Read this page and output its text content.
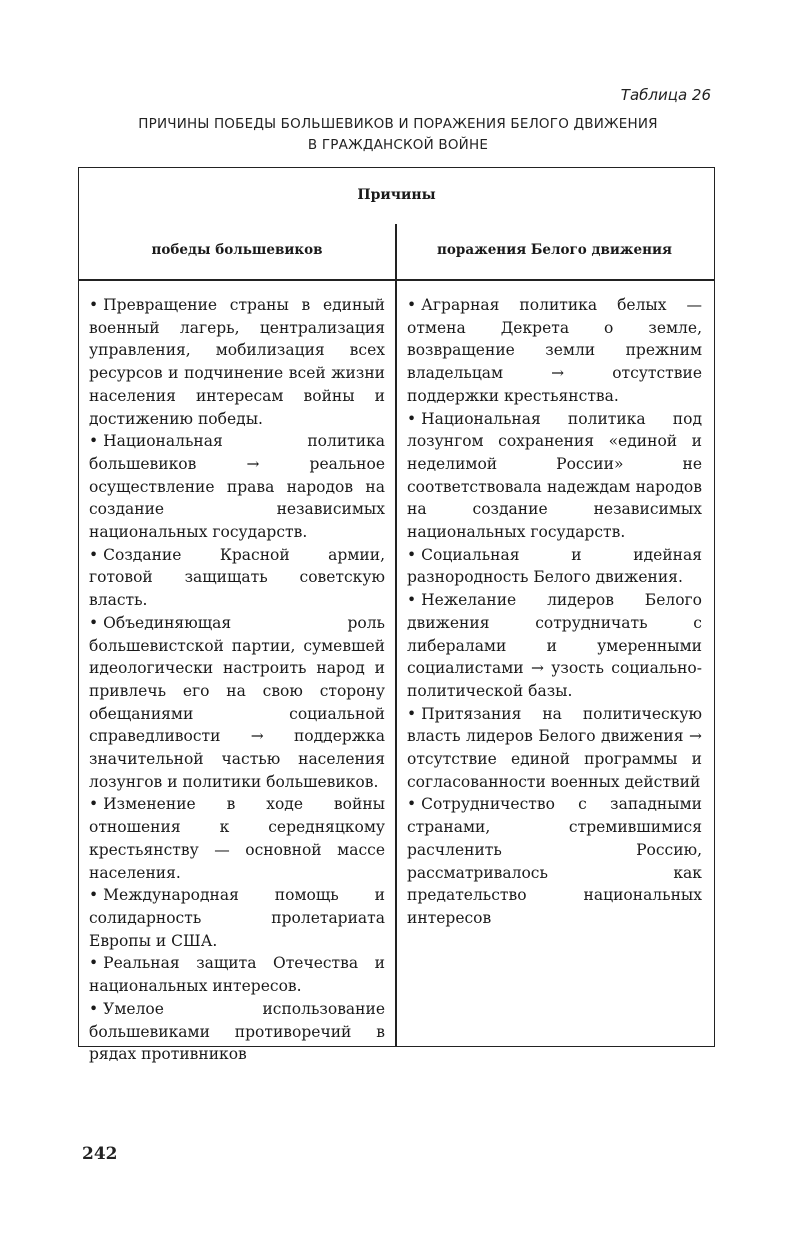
Таблица 26
ПРИЧИНЫ ПОБЕДЫ БОЛЬШЕВИКОВ И ПОРАЖЕНИЯ БЕЛОГО ДВИЖЕНИЯ
В ГРАЖДАНСКОЙ ВОЙНЕ
Причины
победы большевиков	поражения Белого движения

• Превращение страны в единый военный лагерь, централизация управления, мобилизация всех ресурсов и подчинение всей жизни населения интересам войны и достижению победы.

• Национальная политика большевиков → реальное осуществление права народов на создание независимых национальных государств.

• Создание Красной армии, готовой защищать советскую власть.

• Объединяющая роль большевистской партии, сумевшей идеологически настроить народ и привлечь его на свою сторону обещаниями социальной справедливости → поддержка значительной частью населения лозунгов и политики большевиков.

• Изменение в ходе войны отношения к середняцкому крестьянству — основной массе населения.

• Международная помощь и солидарность пролетариата Европы и США.

• Реальная защита Отечества и национальных интересов.

• Умелое использование большевиками противоречий в рядах противников

• Аграрная политика белых — отмена Декрета о земле, возвращение земли прежним владельцам → отсутствие поддержки крестьянства.

• Национальная политика под лозунгом сохранения «единой и неделимой России» не соответствовала надеждам народов на создание независимых национальных государств.

• Социальная и идейная разнородность Белого движения.

• Нежелание лидеров Белого движения сотрудничать с либералами и умеренными социалистами → узость социально-политической базы.

• Притязания на политическую власть лидеров Белого движения → отсутствие единой программы и согласованности военных действий

• Сотрудничество с западными странами, стремившимися расчленить Россию, рассматривалось как предательство национальных интересов

242
